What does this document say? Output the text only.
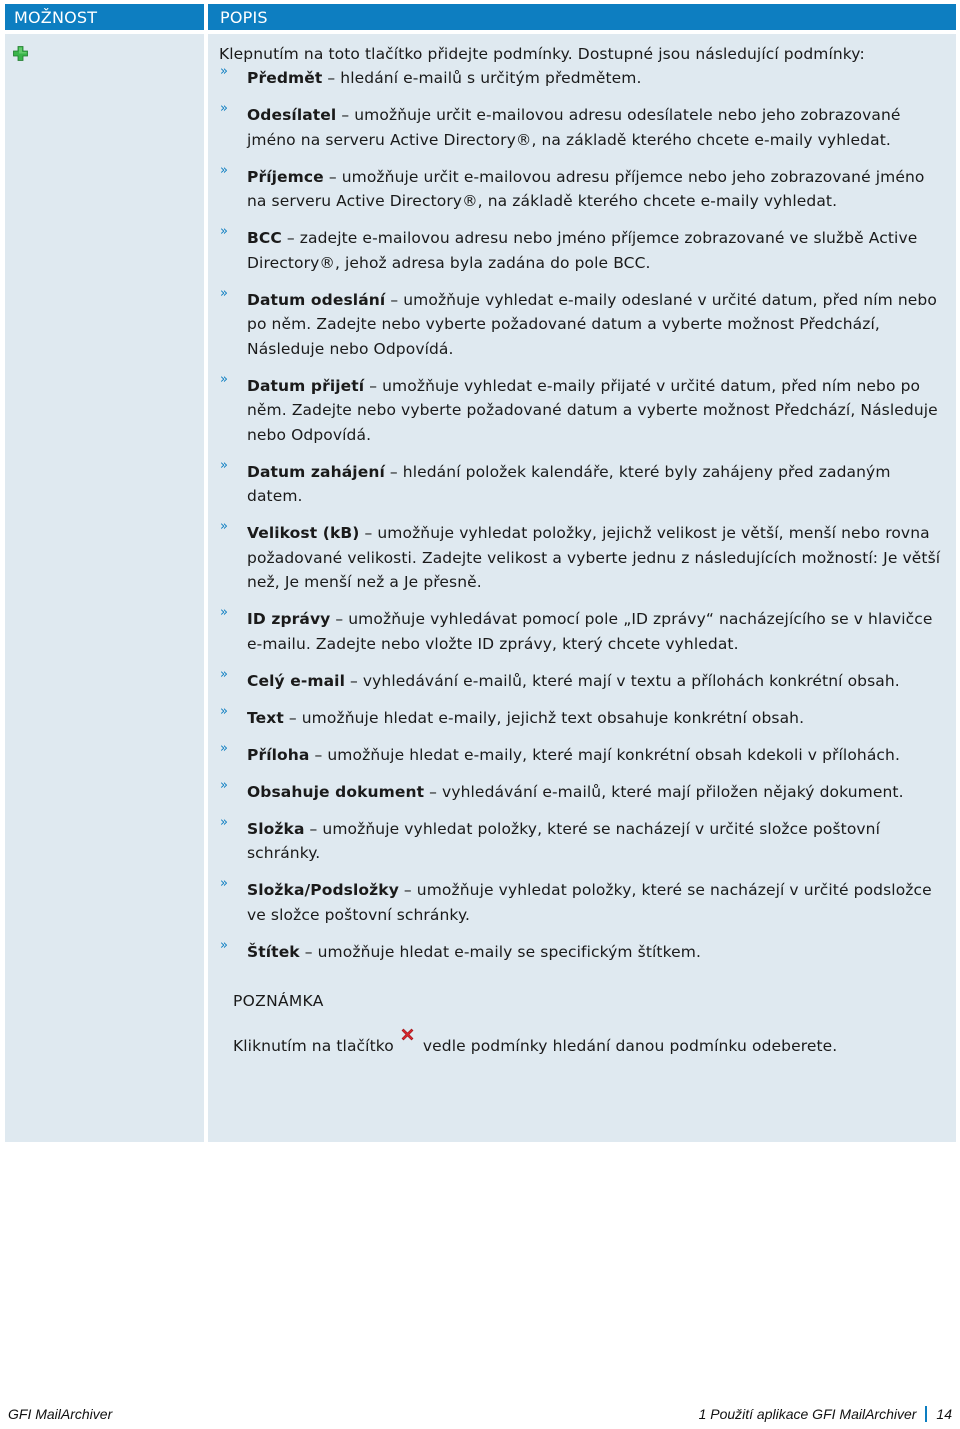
MOŽNOST	POPIS

Klepnutím na toto tlačítko přidejte podmínky. Dostupné jsou následující podmínky:

» Předmět – hledání e-mailů s určitým předmětem.
» Odesílatel – umožňuje určit e-mailovou adresu odesílatele nebo jeho zobrazované jméno na serveru Active Directory®, na základě kterého chcete e-maily vyhledat.
» Příjemce – umožňuje určit e-mailovou adresu příjemce nebo jeho zobrazované jméno na serveru Active Directory®, na základě kterého chcete e-maily vyhledat.
» BCC – zadejte e-mailovou adresu nebo jméno příjemce zobrazované ve službě Active Directory®, jehož adresa byla zadána do pole BCC.
» Datum odeslání – umožňuje vyhledat e-maily odeslané v určité datum, před ním nebo po něm. Zadejte nebo vyberte požadované datum a vyberte možnost Předchází, Následuje nebo Odpovídá.
» Datum přijetí – umožňuje vyhledat e-maily přijaté v určité datum, před ním nebo po něm. Zadejte nebo vyberte požadované datum a vyberte možnost Předchází, Následuje nebo Odpovídá.
» Datum zahájení – hledání položek kalendáře, které byly zahájeny před zadaným datem.
» Velikost (kB) – umožňuje vyhledat položky, jejichž velikost je větší, menší nebo rovna požadované velikosti. Zadejte velikost a vyberte jednu z následujících možností: Je větší než, Je menší než a Je přesně.
» ID zprávy – umožňuje vyhledávat pomocí pole „ID zprávy“ nacházejícího se v hlavičce e-mailu. Zadejte nebo vložte ID zprávy, který chcete vyhledat.
» Celý e-mail – vyhledávání e-mailů, které mají v textu a přílohách konkrétní obsah.
» Text – umožňuje hledat e-maily, jejichž text obsahuje konkrétní obsah.
» Příloha – umožňuje hledat e-maily, které mají konkrétní obsah kdekoli v přílohách.
» Obsahuje dokument – vyhledávání e-mailů, které mají přiložen nějaký dokument.
» Složka – umožňuje vyhledat položky, které se nacházejí v určité složce poštovní schránky.
» Složka/Podsložky – umožňuje vyhledat položky, které se nacházejí v určité podsložce ve složce poštovní schránky.
» Štítek – umožňuje hledat e-maily se specifickým štítkem.
POZNÁMKA
Kliknutím na tlačítko vedle podmínky hledání danou podmínku odeberete.
GFI MailArchiver	1 Použití aplikace GFI MailArchiver 14
